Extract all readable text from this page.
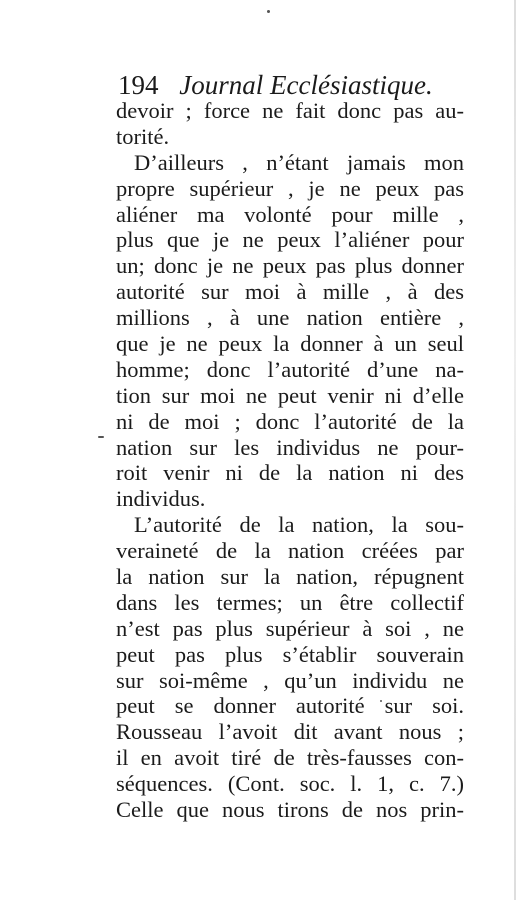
194 Journal Ecclésiastique.
devoir ; force ne fait donc pas au-
torité.
D’ailleurs , n’étant jamais mon
propre supérieur , je ne peux pas
aliéner ma volonté pour mille ,
plus que je ne peux l’aliéner pour
un; donc je ne peux pas plus donner
autorité sur moi à mille , à des
millions , à une nation entière ,
que je ne peux la donner à un seul
homme; donc l’autorité d’une na-
tion sur moi ne peut venir ni d’elle
ni de moi ; donc l’autorité de la
nation sur les individus ne pour-
roit venir ni de la nation ni des
individus.
L’autorité de la nation, la sou-
veraineté de la nation créées par
la nation sur la nation, répugnent
dans les termes; un être collectif
n’est pas plus supérieur à soi , ne
peut pas plus s’établir souverain
sur soi-même , qu’un individu ne
peut se donner autorité sur soi.
Rousseau l’avoit dit avant nous ;
il en avoit tiré de très-fausses con-
séquences. (Cont. soc. l. 1, c. 7.)
Celle que nous tirons de nos prin-
